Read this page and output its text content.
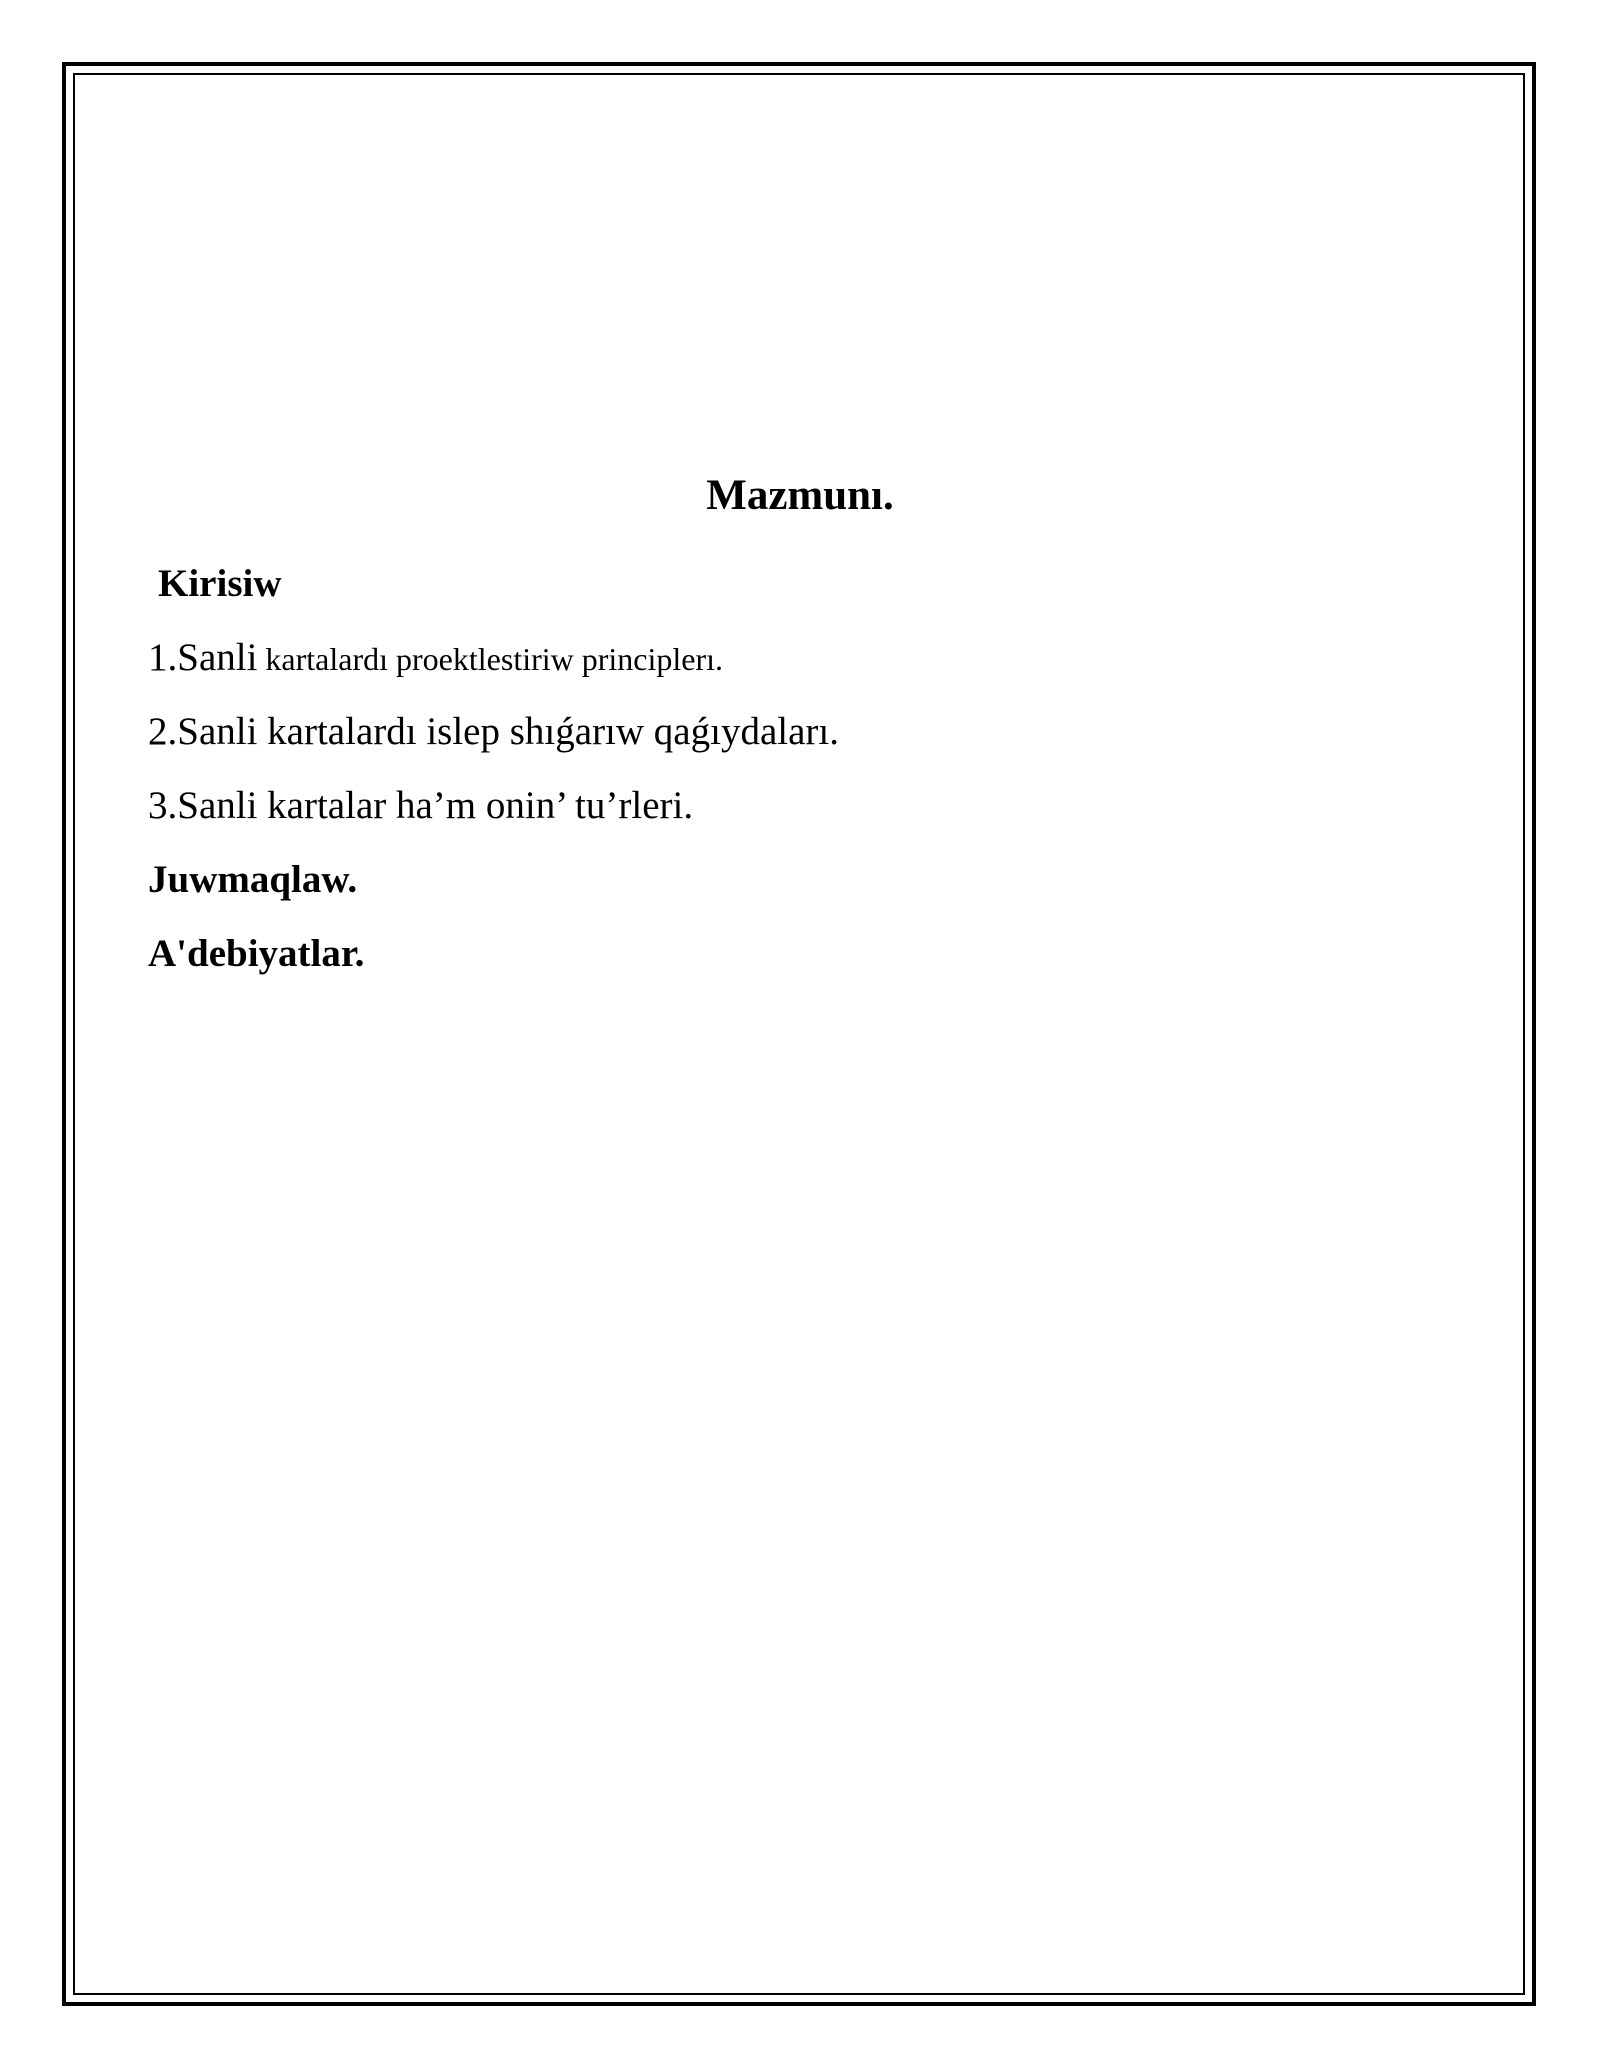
Mazmunı.

Kirisiw

1.Sanli kartalardı proektlestiriw principlerı.

2.Sanli kartalardı islep shıǵarıw qaǵıydaları.

3.Sanli kartalar ha’m onin’ tu’rleri.

Juwmaqlaw.

A'debiyatlar.
